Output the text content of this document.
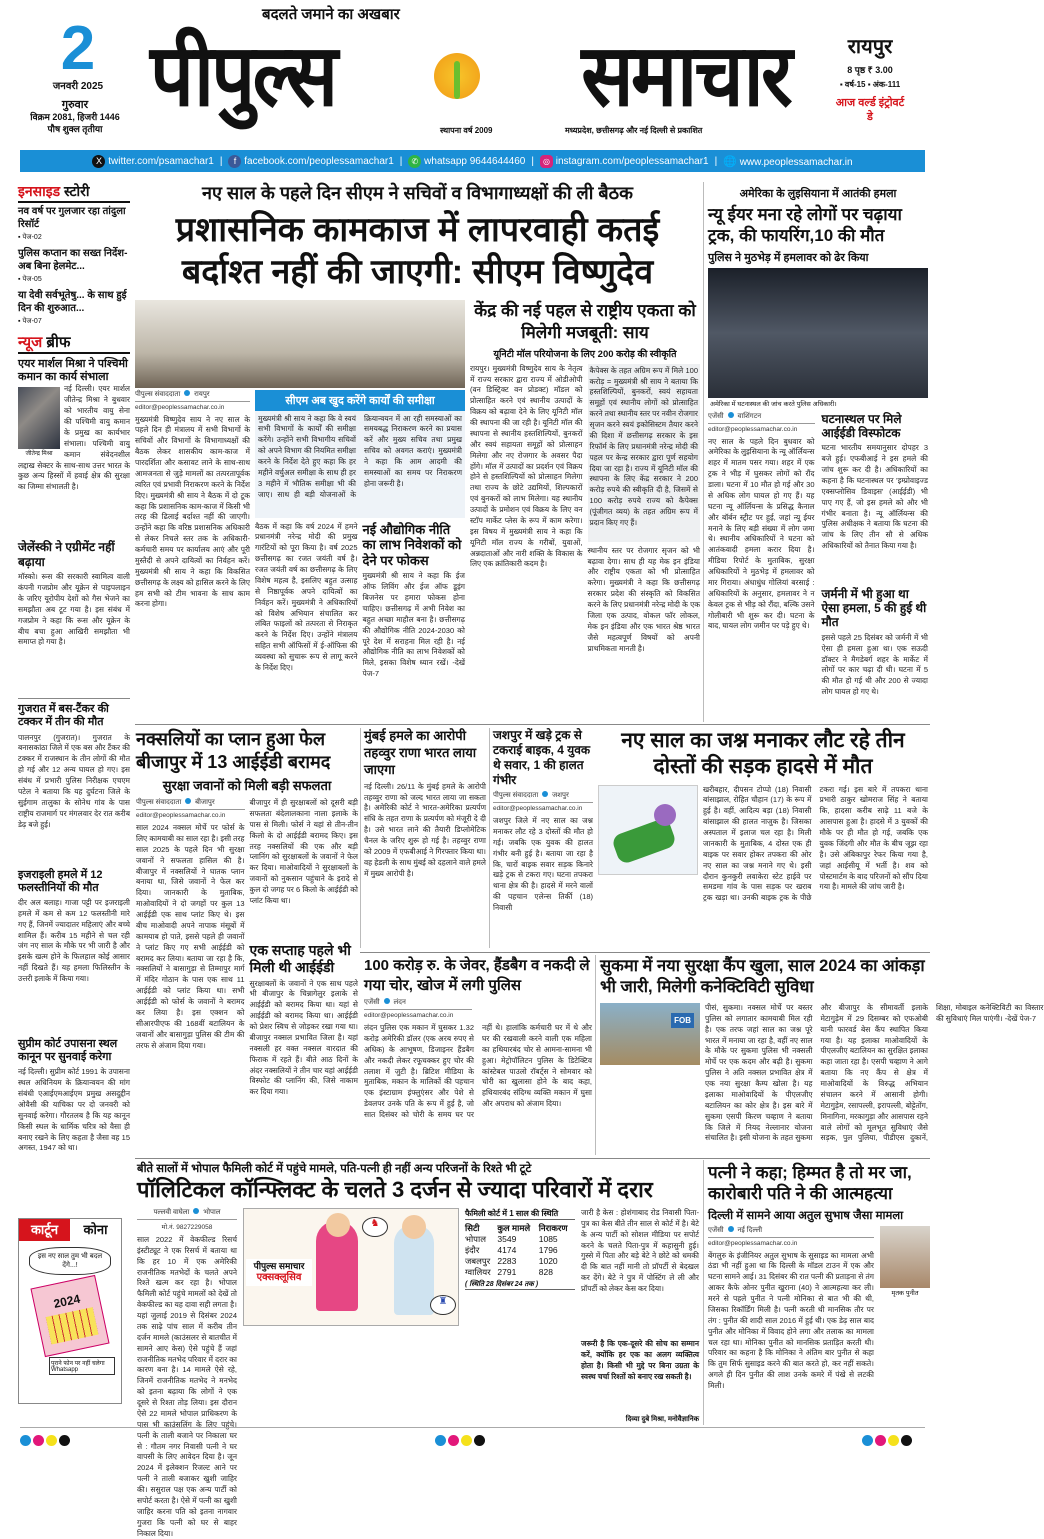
2
जनवरी 2025
गुरुवार
विक्रम 2081, हिजरी 1446
पौष शुक्ल तृतीया
बदलते जमाने का अखबार
पीपुल्स	समाचार
स्थापना वर्ष 2009	मध्यप्रदेश, छत्तीसगढ़ और नई दिल्ली से प्रकाशित
रायपुर
8 पृष्ठ ₹ 3.00
▪ वर्ष-15 ▪ अंक-111
आज वर्ल्ड इंट्रोवर्ट डे
X twitter.com/psamachar1 |	f facebook.com/peoplessamachar1 |	✆ whatsapp 9644644460 |	◎ instagram.com/peoplessamachar1 | 🌐 www.peoplessamachar.in
इनसाइड स्टोरी
नव वर्ष पर गुलजार रहा तांदुला रिसॉर्ट
▪ पेज-02
पुलिस कप्तान का सख्त निर्देश- अब बिना हेलमेट...
▪ पेज-05
या देवी सर्वभूतेषु... के साथ हुई दिन की शुरुआत...
▪ पेज-07
न्यूज ब्रीफ
एयर मार्शल मिश्रा ने पश्चिमी कमान का कार्य संभाला
जीतेन्द्र मिश्रा
नई दिल्ली। एयर मार्शल जीतेन्द्र मिश्रा ने बुधवार को भारतीय वायु सेना की पश्चिमी वायु कमान के प्रमुख का कार्यभार संभाला। पश्चिमी वायु कमान संवेदनशील लद्दाख सेक्टर के साथ-साथ उत्तर भारत के कुछ अन्य हिस्सों में हवाई क्षेत्र की सुरक्षा का जिम्मा संभालती है।
जेलेंस्की ने एग्रीमेंट नहीं बढ़ाया
मॉस्को। रूस की सरकारी स्वामित्व वाली कंपनी गजप्रोम और यूक्रेन से पाइपलाइन के जरिए यूरोपीय देशों को गैस भेजने का समझौता अब टूट गया है। इस संबंध में गजप्रोम ने कहा कि रूस और यूक्रेन के बीच बचा हुआ आखिरी समझौता भी समाप्त हो गया है।
गुजरात में बस-टैंकर की टक्कर में तीन की मौत
पालनपुर (गुजरात)। गुजरात के बनासकांठा जिले में एक बस और टैंकर की टक्कर में राजस्थान के तीन लोगों की मौत हो गई और 12 अन्य घायल हो गए। इस संबंध में प्रभारी पुलिस निरीक्षक एचएम पटेल ने बताया कि यह दुर्घटना जिले के सुईगाम तालुका के सोनेथ गांव के पास राष्ट्रीय राजमार्ग पर मंगलवार देर रात करीब डेढ़ बजे हुई।
इजराइली हमले में 12 फलस्तीनियों की मौत
दीर अल बलाह। गाजा पट्टी पर इजराइली हमले में कम से कम 12 फलस्तीनी मारे गए हैं, जिनमें ज्यादातर महिलाएं और बच्चे शामिल हैं। करीब 15 महीने से चल रही जंग नए साल के मौके पर भी जारी है और इसके खत्म होने के फिलहाल कोई आसार नहीं दिखते हैं। यह हमला फिलिस्तीन के उत्तरी इलाके में किया गया।
सुप्रीम कोर्ट उपासना स्थल कानून पर सुनवाई करेगा
नई दिल्ली। सुप्रीम कोर्ट 1991 के उपासना स्थल अधिनियम के क्रियान्वयन की मांग संबंधी एआईएमआईएम प्रमुख असदुद्दीन ओवैसी की याचिका पर दो जनवरी को सुनवाई करेगा। गौरतलब है कि यह कानून किसी स्थल के धार्मिक चरित्र को वैसा ही बनाए रखने के लिए कहता है जैसा वह 15 अगस्त, 1947 को था।
कार्टून	कोना
इस नए साल तुम भी बदल देंगे...!
2024
पुराने फोन पर नहीं चलेगा Whatsapp
नए साल के पहले दिन सीएम ने सचिवों व विभागाध्यक्षों की ली बैठक
प्रशासनिक कामकाज में लापरवाही कतई बर्दाश्त नहीं की जाएगी: सीएम विष्णुदेव
पीपुल्स संवाददाता रायपुर
editor@peoplessamachar.co.in
मुख्यमंत्री विष्णुदेव साय ने नए साल के पहले दिन ही मंत्रालय में सभी विभागों के सचिवों और विभागों के विभागाध्यक्षों की बैठक लेकर शासकीय काम-काज में पारदर्शिता और कसावट लाने के साथ-साथ आमजनता से जुड़े मामलों का तत्परतापूर्वक त्वरित एवं प्रभावी निराकरण करने के निर्देश दिए। मुख्यमंत्री श्री साय ने बैठक में दो टूक कहा कि प्रशासनिक काम-काज में किसी भी तरह की ढिलाई बर्दाश्त नहीं की जाएगी। उन्होंने कहा कि वरिष्ठ प्रशासनिक अधिकारी से लेकर निचले स्तर तक के अधिकारी-कर्मचारी समय पर कार्यालय आएं और पूरी मुस्तैदी से अपने दायित्वों का निर्वहन करें। मुख्यमंत्री श्री साय ने कहा कि विकसित छत्तीसगढ़ के लक्ष्य को हासिल करने के लिए हम सभी को टीम भावना के साथ काम करना होगा।
सीएम अब खुद करेंगे कार्यों की समीक्षा
मुख्यमंत्री श्री साय ने कहा कि वे स्वयं सभी विभागों के कार्यों की समीक्षा करेंगे। उन्होंने सभी विभागीय सचिवों को अपने विभाग की नियमित समीक्षा करने के निर्देश देते हुए कहा कि हर महीने वर्चुअल समीक्षा के साथ ही हर 3 महीने में भौतिक समीक्षा भी की जाए। साथ ही बड़ी योजनाओं के क्रियान्वयन में आ रही समस्याओं का समयबद्ध निराकरण करने का प्रयास करें और मुख्य सचिव तथा प्रमुख सचिव को अवगत कराएं। मुख्यमंत्री ने कहा कि आम आदमी की समस्याओं का समय पर निराकरण होना जरूरी है।
बैठक में कहा कि वर्ष 2024 में हमने प्रधानमंत्री नरेन्द्र मोदी की प्रमुख गारंटियों को पूरा किया है। वर्ष 2025 छत्तीसगढ़ का रजत जयंती वर्ष है। रजत जयंती वर्ष का छत्तीसगढ़ के लिए विशेष महत्व है, इसलिए बहुत उत्साह से निष्ठापूर्वक अपने दायित्वों का निर्वहन करें। मुख्यमंत्री ने अधिकारियों को विशेष अभियान संचालित कर लंबित फाइलों को तत्परता से निराकृत करने के निर्देश दिए। उन्होंने मंत्रालय सहित सभी ऑफिसों में ई-ऑफिस की व्यवस्था को सुचारू रूप से लागू करने के निर्देश दिए।
नई औद्योगिक नीति का लाभ निवेशकों को देने पर फोकस
मुख्यमंत्री श्री साय ने कहा कि ईज ऑफ लिविंग और ईज ऑफ डूइंग बिजनेस पर हमारा फोकस होना चाहिए। छत्तीसगढ़ में अभी निवेश का बहुत अच्छा माहौल बना है। छत्तीसगढ़ की औद्योगिक नीति 2024-2030 को पूरे देश में सराहना मिल रही है। नई औद्योगिक नीति का लाभ निवेशकों को मिले, इसका विशेष ध्यान रखें। -देखें पेज-7
केंद्र की नई पहल से राष्ट्रीय एकता को मिलेगी मजबूती: साय
यूनिटी मॉल परियोजना के लिए 200 करोड़ की स्वीकृति
रायपुर। मुख्यमंत्री विष्णुदेव साय के नेतृत्व में राज्य सरकार द्वारा राज्य में ओडीओपी (वन डिस्ट्रिक्ट वन प्रोडक्ट) मॉडल को प्रोत्साहित करने एवं स्थानीय उत्पादों के विक्रय को बढ़ावा देने के लिए यूनिटी मॉल की स्थापना की जा रही है। यूनिटी मॉल की स्थापना से स्थानीय हस्तशिल्पियों, बुनकरों और स्वयं सहायता समूहों को प्रोत्साहन मिलेगा और नए रोजगार के अवसर पैदा होंगे। मॉल में उत्पादों का प्रदर्शन एवं विक्रय होने से हस्तशिल्पियों को प्रोत्साहन मिलेगा तथा राज्य के छोटे उद्यमियों, शिल्पकारों एवं बुनकरों को लाभ मिलेगा। यह स्थानीय उत्पादों के प्रमोशन एवं विक्रय के लिए वन स्टॉप मार्केट प्लेस के रूप में काम करेगा। इस विषय में मुख्यमंत्री साय ने कहा कि यूनिटी मॉल राज्य के गरीबों, युवाओं, अन्नदाताओं और नारी शक्ति के विकास के लिए एक क्रांतिकारी कदम है।
कैपेक्स के तहत अग्रिम रूप में मिले 100 करोड़ = मुख्यमंत्री श्री साय ने बताया कि हस्तशिल्पियों, बुनकरों, स्वयं सहायता समूहों एवं स्थानीय लोगों को प्रोत्साहित करने तथा स्थानीय स्तर पर नवीन रोजगार सृजन करने स्वयं इकोसिस्टम तैयार करने की दिशा में छत्तीसगढ़ सरकार के इस रिफॉर्म के लिए प्रधानमंत्री नरेन्द्र मोदी की पहल पर केन्द्र सरकार द्वारा पूर्ण सहयोग दिया जा रहा है। राज्य में यूनिटी मॉल की स्थापना के लिए केंद्र सरकार ने 200 करोड़ रुपये की स्वीकृति दी है, जिसमें से 100 करोड़ रुपये राज्य को कैपेक्स (पूंजीगत व्यय) के तहत अग्रिम रूप में प्रदान किए गए हैं।
स्थानीय स्तर पर रोजगार सृजन को भी बढ़ावा देगा। साथ ही यह मेक इन इंडिया और राष्ट्रीय एकता को भी प्रोत्साहित करेगा। मुख्यमंत्री ने कहा कि छत्तीसगढ़ सरकार प्रदेश की संस्कृति को विकसित करने के लिए प्रधानमंत्री नरेन्द्र मोदी के एक जिला एक उत्पाद, वोकल फॉर लोकल, मेक इन इंडिया और एक भारत श्रेष्ठ भारत जैसे महत्वपूर्ण विषयों को अपनी प्राथमिकता मानती है।
अमेरिका के लुइसियाना में आतंकी हमला
न्यू ईयर मना रहे लोगों पर चढ़ाया ट्रक, की फायरिंग,10 की मौत
पुलिस ने मुठभेड़ में हमलावर को ढेर किया
अमेरिका में घटनास्थल की जांच करते पुलिस अधिकारी।
एजेंसी वाशिंगटन
editor@peoplessamachar.co.in
नए साल के पहले दिन बुधवार को अमेरिका के लुइसियाना के न्यू ऑर्लियन्स शहर में मातम पसर गया। शहर में एक ट्रक ने भीड़ में घुसकर लोगों को रौंद डाला। घटना में 10 मौत हो गई और 30 से अधिक लोग घायल हो गए हैं। यह घटना न्यू ऑर्लियन्स के प्रसिद्ध कैनाल और बॉर्बन स्ट्रीट पर हुई, जहां न्यू ईयर मनाने के लिए बड़ी संख्या में लोग जमा थे। स्थानीय अधिकारियों ने घटना को आतंकवादी हमला करार दिया है। मीडिया रिपोर्ट के मुताबिक, सुरक्षा अधिकारियों ने मुठभेड़ में हमलावर को मार गिराया। अंधाधुंध गोलियां बरसाई : अधिकारियों के अनुसार, हमलावर ने न केवल ट्रक से भीड़ को रौंदा, बल्कि उसने गोलीबारी भी शुरू कर दी। घटना के बाद, घायल लोग जमीन पर पड़े हुए थे।
घटनास्थल पर मिले आईईडी विस्फोटक
घटना भारतीय समयानुसार दोपहर 3 बजे हुई। एफबीआई ने इस हमले की जांच शुरू कर दी है। अधिकारियों का कहना है कि घटनास्थल पर 'इम्प्रोवाइज्ड एक्सप्लोसिव डिवाइस' (आईईडी) भी पाए गए हैं, जो इस हमले को और भी गंभीर बनाता है। न्यू ऑर्लियन्स की पुलिस अधीक्षक ने बताया कि घटना की जांच के लिए तीन सौ से अधिक अधिकारियों को तैनात किया गया है।
जर्मनी में भी हुआ था ऐसा हमला, 5 की हुई थी मौत
इससे पहले 25 दिसंबर को जर्मनी में भी ऐसा ही हमला हुआ था। एक सऊदी डॉक्टर ने मैगडेबर्ग शहर के मार्केट में लोगों पर कार चढ़ा दी थी। घटना में 5 की मौत हो गई थी और 200 से ज्यादा लोग घायल हो गए थे।
नक्सलियों का प्लान हुआ फेल बीजापुर में 13 आईईडी बरामद
सुरक्षा जवानों को मिली बड़ी सफलता
पीपुल्स संवाददाता बीजापुर
editor@peoplessamachar.co.in
साल 2024 नक्सल मोर्चे पर फोर्स के लिए कामयाबी का साल रहा है। इसी तरह साल 2025 के पहले दिन भी सुरक्षा जवानों ने सफलता हासिल की है। बीजापुर में नक्सलियों ने घातक प्लान बनाया था, जिसे जवानों ने फेल कर दिया। जानकारी के मुताबिक, माओवादियों ने दो जगहों पर कुल 13 आईईडी एक साथ प्लांट किए थे। इस बीच माओवादी अपने नापाक मंसूबों में कामयाब हो पाते, इससे पहले ही जवानों ने प्लांट किए गए सभी आईईडी को बरामद कर लिया। बताया जा रहा है कि, नक्सलियों ने बासागुड़ा से तिम्मापुर मार्ग में मंदिर गोठान के पास एक साथ 11 आईईडी को प्लांट किया था। सभी आईईडी को फोर्स के जवानों ने बरामद कर लिया है। इस एक्शन को सीआरपीएफ की 168वीं बटालियन के जवानों और बासागुड़ा पुलिस की टीम की तरफ से अंजाम दिया गया।
बीजापुर में ही सुरक्षाबलों को दूसरी बड़ी सफलता बंदेलालकाना नाला इलाके के पास से मिली। फोर्स ने यहां से तीन-तीन किलो के दो आईईडी बरामद किए। इस तरह नक्सलियों की एक और बड़ी प्लानिंग को सुरक्षाबलों के जवानों ने फेल कर दिया। माओवादियों ने सुरक्षाबलों के जवानों को नुकसान पहुंचाने के इरादे से कुल दो जगह पर 6 किलो के आईईडी को प्लांट किया था।
एक सप्ताह पहले भी मिली थी आईईडी
सुरक्षाबलों के जवानों ने एक साथ पहले भी बीजापुर के चिन्नागेलुर इलाके से आईईडी को बरामद किया था। यहां से आईईडी को बरामद किया था। आईईडी को प्रेशर स्विच से जोड़कर रखा गया था। बीजापुर नक्सल प्रभावित जिला है। यहां नक्सली हर वक्त नक्सल वारदात की फिराक में रहते हैं। बीते आठ दिनों के अंदर नक्सलियों ने तीन चार यहां आईईडी विस्फोट की प्लानिंग की, जिसे नाकाम कर दिया गया।
मुंबई हमले का आरोपी तहव्वुर राणा भारत लाया जाएगा
नई दिल्ली। 26/11 के मुंबई हमले के आरोपी तहव्वुर राणा को जल्द भारत लाया जा सकता है। अमेरिकी कोर्ट ने भारत-अमेरिका प्रत्यर्पण संधि के तहत राणा के प्रत्यर्पण को मंजूरी दे दी है। उसे भारत लाने की तैयारी डिप्लोमेटिक चैनल के जरिए शुरू हो गई है। तहव्वुर राणा को 2009 में एफबीआई ने गिरफ्तार किया था। वह हेडली के साथ मुंबई को दहलाने वाले हमले में मुख्य आरोपी है।
जशपुर में खड़े ट्रक से टकराई बाइक, 4 युवक थे सवार, 1 की हालत गंभीर
पीपुल्स संवाददाता जशपुर
editor@peoplessamachar.co.in
जशपुर जिले में नए साल का जश्न मनाकर लौट रहे 3 दोस्तों की मौत हो गई। जबकि एक युवक की हालत गंभीर बनी हुई है। बताया जा रहा है कि, चारों बाइक सवार सड़क किनारे खड़े ट्रक से टकरा गए। घटना तपकरा थाना क्षेत्र की है। हादसे में मरने वालों की पहचान एलेन्स तिर्की (18) निवासी
नए साल का जश्न मनाकर लौट रहे तीन दोस्तों की सड़क हादसे में मौत
खरीबहार, दीपसन टोप्पो (18) निवासी बांसाझाल, रोहित चौहान (17) के रूप में हुई है। वहीं, आदित्य बड़ा (18) निवासी बांसाझाल की हालत नाजुक है। जिसका अस्पताल में इलाज चल रहा है। मिली जानकारी के मुताबिक, 4 दोस्त एक ही बाइक पर सवार होकर तपकरा की ओर नए साल का जश्न मनाने गए थे। इसी दौरान कुनकुरी लवाकेरा स्टेट हाईवे पर समडमा गांव के पास सड़क पर खराब ट्रक खड़ा था। उनकी बाइक ट्रक के पीछे टकरा गई। इस बारे में तपकरा थाना प्रभारी ठाकुर खोमराज सिंह ने बताया कि, हादसा करीब साढ़े 11 बजे के आसपास हुआ है। हादसे में 3 युवकों की मौके पर ही मौत हो गई, जबकि एक युवक जिंदगी और मौत के बीच जूझ रहा है। उसे अंबिकापुर रेफर किया गया है, जहां आईसीयू में भर्ती है। शव को पोस्टमार्टम के बाद परिजनों को सौंप दिया गया है। मामले की जांच जारी है।
100 करोड़ रु. के जेवर, हैंडबैग व नकदी ले गया चोर, खोज में लगी पुलिस
एजेंसी लंदन
editor@peoplessamachar.co.in
लंदन पुलिस एक मकान में घुसकर 1.32 करोड़ अमेरिकी डॉलर (एक अरब रुपए से अधिक) के आभूषण, डिजाइनर हैंडबैग और नकदी लेकर रफूचक्कर हुए चोर की तलाश में जुटी है। ब्रिटिश मीडिया के मुताबिक, मकान के मालिकों की पहचान एक इंस्टाग्राम इंफ्लुएंसर और पेशे से डेवलपर उनके पति के रूप में हुई है, जो सात दिसंबर को चोरी के समय घर पर नहीं थे। हालांकि कर्मचारी घर में थे और घर की रखवाली करने वाली एक महिला का हथियारबंद चोर से आमना-सामना भी हुआ। मेट्रोपॉलिटन पुलिस के डिटेक्टिव कांस्टेबल पाउलो रॉबर्ट्स ने सोमवार को चोरी का खुलासा होने के बाद कहा, हथियारबंद संदिग्ध व्यक्ति मकान में घुसा और अपराध को अंजाम दिया।
सुकमा में नया सुरक्षा कैंप खुला, साल 2024 का आंकड़ा भी जारी, मिलेगी कनेक्टिविटी सुविधा
FOB
पीसं, सुकमा। नक्सल मोर्चे पर बस्तर पुलिस को लगातार कामयाबी मिल रही है। एक तरफ जहां साल का जश्न पूरे भारत में मनाया जा रहा है, वहीं नए साल के मौके पर सुकमा पुलिस भी नक्सली मोर्चे पर एक कदम और बढ़ी है। सुकमा पुलिस ने अति नक्सल प्रभावित क्षेत्र में एक नया सुरक्षा कैम्प खोला है। यह इलाका माओवादियों के पीएलजीए बटालियन का कोर क्षेत्र है। इस बारे में सुकमा एसपी किरण चव्हाण ने बताया कि जिले में नियद नेल्लानार योजना संचालित है। इसी योजना के तहत सुकमा और बीजापुर के सीमावर्ती इलाके मेटागुड़ेम में 29 दिसम्बर को एफओबी यानी फारवर्ड बेस कैंप स्थापित किया गया है। यह इलाका माओवादियों के पीएलजीए बटालियन का सुरक्षित इलाका कहा जाता रहा है। एसपी चव्हाण ने आगे बताया कि नए कैंप से क्षेत्र में माओवादियों के विरुद्ध अभियान संचालन करने में आसानी होगी। मेटागुड़ेम, रसापल्ली, इरापल्ली, बोट्टेतोंग, मिनागिना, मरकागुड़ा और आसपास रहने वाले लोगों को मूलभूत सुविधाएं जैसे सड़क, पुल पुलिया, पीडीएस दुकानें, शिक्षा, मोबाइल कनेक्टिविटी का विस्तार की सुविधाएं मिल पाएंगी। -देखें पेज-7
बीते सालों में भोपाल फैमिली कोर्ट में पहुंचे मामले, पति-पत्नी ही नहीं अन्य परिजनों के रिश्ते भी टूटे
पॉलिटिकल कॉन्फ्लिक्ट के चलते 3 दर्जन से ज्यादा परिवारों में दरार
पल्लवी वाघेला भोपाल
मो.नं. 9827229058
साल 2022 में वेकफील्ड रिसर्च इंस्टीट्यूट ने एक रिसर्च में बताया था कि हर 10 में एक अमेरिकी राजनीतिक मतभेदों के चलते अपने रिश्ते खत्म कर रहा है। भोपाल फैमिली कोर्ट पहुंचे मामलों को देखें तो वेकफील्ड का यह दावा सही लगता है। यहां जुलाई 2019 से दिसंबर 2024 तक साढ़े पांच साल में करीब तीन दर्जन मामले (काउंसलर से बातचीत में सामने आए केस) ऐसे पहुंचे हैं जहां राजनीतिक मतभेद परिवार में दरार का कारण बना है। 14 मामले ऐसे रहे, जिनमें राजनीतिक मतभेद ने मनभेद को इतना बढ़ाया कि लोगों ने एक दूसरे से रिश्ता तोड़ लिया। इस दौरान ऐसे 22 मामले भोपाल प्राधिकरण के पास भी काउंसलिंग के लिए पहुंचे। पत्नी के ताली बजाने पर निकाला घर से : गौतम नगर निवासी पत्नी ने घर वापसी के लिए आवेदन दिया है। जून 2024 में इलेक्शन रिजल्ट आने पर पत्नी ने ताली बजाकर खुशी जाहिर की। ससुराल पक्ष एक अन्य पार्टी को सपोर्ट करता है। ऐसे में पत्नी का खुशी जाहिर करना पति को इतना नागवार गुजरा कि पत्नी को घर से बाहर निकाल दिया।
♞
♜
पीपुल्स समाचार
एक्सक्लूसिव
फैमिली कोर्ट में 1 साल की स्थिति
सिटी	कुल मामले	निराकरण
भोपाल	3549	1085
इंदौर	4174	1796
जबलपुर	2283	1020
ग्वालियर	2791	828
( स्थिति 28 दिसंबर 24 तक )
जारी है केस : होशंगाबाद रोड निवासी पिता-पुत्र का केस बीते तीन साल से कोर्ट में है। बेटे के अन्य पार्टी को सोशल मीडिया पर सपोर्ट करने के चलते पिता-पुत्र में कहासुनी हुई। गुस्से में पिता और बड़े बेटे ने छोटे को धमकी दी कि बात नहीं मानी तो प्रॉपर्टी से बेदखल कर देंगे। बेटे ने पुत्र में पोस्टिंग ले ली और प्रॉपर्टी को लेकर केस कर दिया।
जरूरी है कि एक-दूसरे की सोच का सम्मान करें, क्योंकि हर एक का अलग व्यक्तित्व होता है। किसी भी मुद्दे पर बिना उग्रता के स्वस्थ चर्चा रिश्तों को बनाए रख सकती है।
दिव्या दुबे मिश्रा, मनोवैज्ञानिक
पत्नी ने कहा; हिम्मत है तो मर जा, कारोबारी पति ने की आत्महत्या
दिल्ली में सामने आया अतुल सुभाष जैसा मामला
एजेंसी नई दिल्ली
editor@peoplessamachar.co.in
बेंगलुरु के इंजीनियर अतुल सुभाष के सुसाइड का मामला अभी ठंडा भी नहीं हुआ था कि दिल्ली के मॉडल टाउन में एक और घटना सामने आई। 31 दिसंबर की रात पत्नी की प्रताड़ना से तंग आकर कैफे ओनर पुनीत खुराना (40) ने आत्महत्या कर ली। मरने से पहले पुनीत ने पत्नी मोनिका से बात भी की थी, जिसका रिकॉर्डिंग मिली है। पत्नी करती थी मानसिक तौर पर तंग : पुनीत की शादी साल 2016 में हुई थी। एक डेढ़ साल बाद पुनीत और मोनिका में विवाद होने लगा और तलाक का मामला चल रहा था। मोनिका पुनीत को मानसिक प्रताड़ित करती थी। परिवार का कहना है कि मोनिका ने अंतिम बार पुनीत से कहा कि तुम सिर्फ सुसाइड करने की बात करते हो, कर नहीं सकते। अगले ही दिन पुनीत की लाश उनके कमरे में पंखे से लटकी मिली।
मृतक पुनीत
